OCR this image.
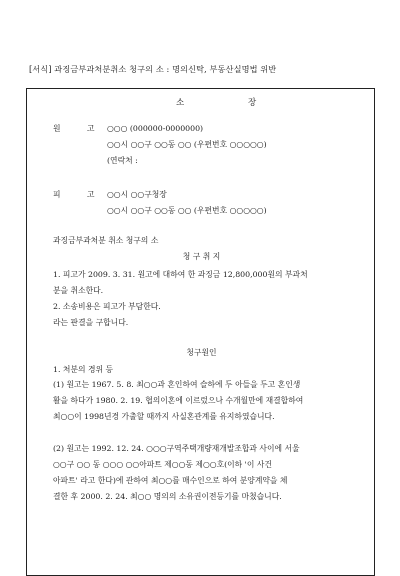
[서식] 과징금부과처분취소 청구의 소 : 명의신탁, 부동산실명법 위반
소	장
원	고 ○○○ (000000-0000000)
○○시 ○○구 ○○동 ○○ (우편번호 ○○○○○)
(연락처 :
피	고 ○○시 ○○구청장
○○시 ○○구 ○○동 ○○ (우편번호 ○○○○○)
과징금부과처분 취소 청구의 소
청 구 취 지
1. 피고가 2009. 3. 31. 원고에 대하여 한 과징금 12,800,000원의 부과처
분을 취소한다.
2. 소송비용은 피고가 부담한다.
라는 판결을 구합니다.
청구원인
1. 처분의 경위 등
(1) 원고는 1967. 5. 8. 최○○과 혼인하여 슬하에 두 아들을 두고 혼인생
활을 하다가 1980. 2. 19. 협의이혼에 이르렀으나 수개월만에 재결합하여
최○○이 1998년경 가출할 때까지 사실혼관계를 유지하였습니다.
(2) 원고는 1992. 12. 24. ○○○구역주택개량재개발조합과 사이에 서울
○○구 ○○ 동 ○○○ ○○아파트 제○○동 제○○호(이하 '이 사건
아파트' 라고 한다)에 관하여 최○○를 매수인으로 하여 분양계약을 체
결한 후 2000. 2. 24. 최○○ 명의의 소유권이전등기를 마쳤습니다.
